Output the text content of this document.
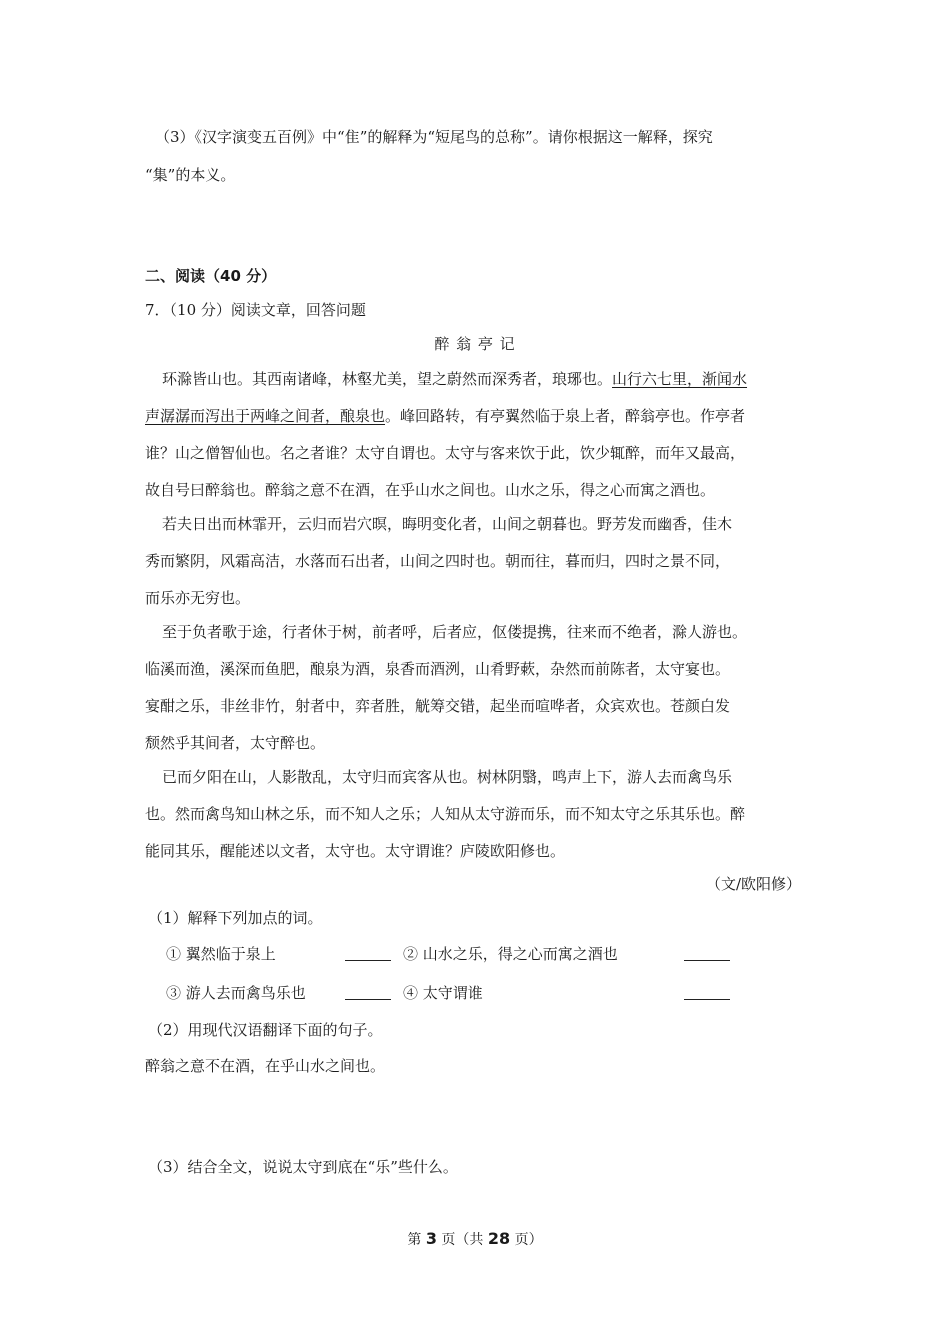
（3）《汉字演变五百例》中“隹”的解释为“短尾鸟的总称”。请你根据这一解释，探究
“集”的本义。
二、阅读（40 分）
7．（10 分）阅读文章，回答问题
醉 翁 亭 记
环滁皆山也。其西南诸峰，林壑尤美，望之蔚然而深秀者，琅琊也。山行六七里，渐闻水
声潺潺而泻出于两峰之间者，酿泉也。峰回路转，有亭翼然临于泉上者，醉翁亭也。作亭者
谁？山之僧智仙也。名之者谁？太守自谓也。太守与客来饮于此，饮少辄醉，而年又最高，
故自号曰醉翁也。醉翁之意不在酒，在乎山水之间也。山水之乐，得之心而寓之酒也。
若夫日出而林霏开，云归而岩穴暝，晦明变化者，山间之朝暮也。野芳发而幽香，佳木
秀而繁阴，风霜高洁，水落而石出者，山间之四时也。朝而往，暮而归，四时之景不同，
而乐亦无穷也。
至于负者歌于途，行者休于树，前者呼，后者应，伛偻提携，往来而不绝者，滁人游也。
临溪而渔，溪深而鱼肥，酿泉为酒，泉香而酒洌，山肴野蔌，杂然而前陈者，太守宴也。
宴酣之乐，非丝非竹，射者中，弈者胜，觥筹交错，起坐而喧哗者，众宾欢也。苍颜白发
颓然乎其间者，太守醉也。
已而夕阳在山，人影散乱，太守归而宾客从也。树林阴翳，鸣声上下，游人去而禽鸟乐
也。然而禽鸟知山林之乐，而不知人之乐；人知从太守游而乐，而不知太守之乐其乐也。醉
能同其乐，醒能述以文者，太守也。太守谓谁？庐陵欧阳修也。
（文/欧阳修）
（1）解释下列加点的词。
① 翼然临于泉上	② 山水之乐，得之心而寓之酒也
③ 游人去而禽鸟乐也	④ 太守谓谁
（2）用现代汉语翻译下面的句子。
醉翁之意不在酒，在乎山水之间也。
（3）结合全文，说说太守到底在“乐”些什么。
第 3 页（共 28 页）
